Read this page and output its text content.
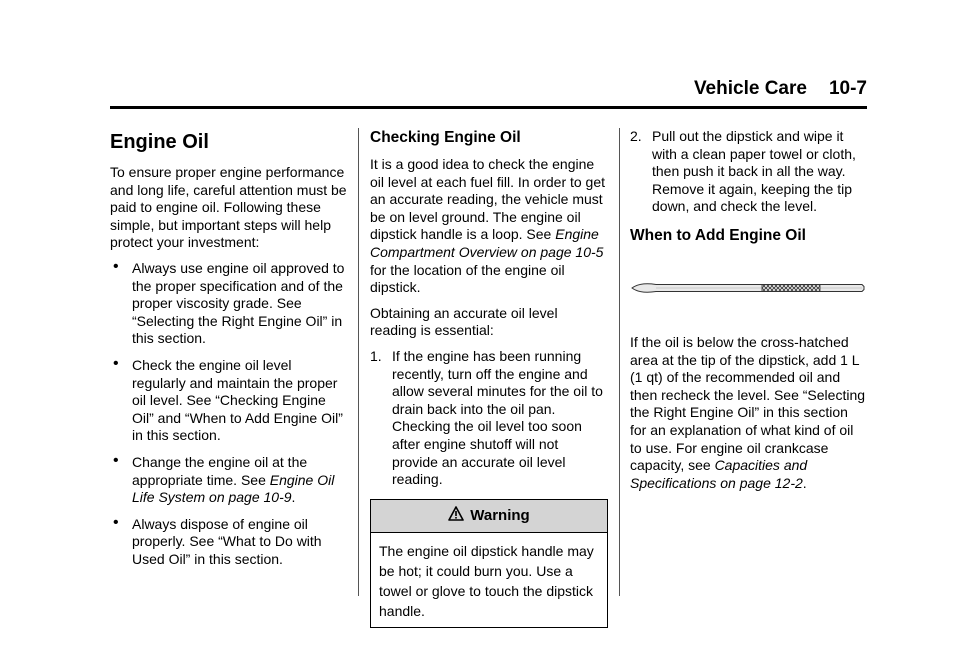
Vehicle Care 10-7
Engine Oil

To ensure proper engine performance and long life, careful attention must be paid to engine oil. Following these simple, but important steps will help protect your investment:

• Always use engine oil approved to the proper specification and of the proper viscosity grade. See “Selecting the Right Engine Oil” in this section.
• Check the engine oil level regularly and maintain the proper oil level. See “Checking Engine Oil” and “When to Add Engine Oil” in this section.
• Change the engine oil at the appropriate time. See Engine Oil Life System on page 10-9.
• Always dispose of engine oil properly. See “What to Do with Used Oil” in this section.
Checking Engine Oil

It is a good idea to check the engine oil level at each fuel fill. In order to get an accurate reading, the vehicle must be on level ground. The engine oil dipstick handle is a loop. See Engine Compartment Overview on page 10-5 for the location of the engine oil dipstick.

Obtaining an accurate oil level reading is essential:

1. If the engine has been running recently, turn off the engine and allow several minutes for the oil to drain back into the oil pan. Checking the oil level too soon after engine shutoff will not provide an accurate oil level reading.
Warning
The engine oil dipstick handle may be hot; it could burn you. Use a towel or glove to touch the dipstick handle.
2. Pull out the dipstick and wipe it with a clean paper towel or cloth, then push it back in all the way. Remove it again, keeping the tip down, and check the level.
When to Add Engine Oil

If the oil is below the cross-hatched area at the tip of the dipstick, add 1 L (1 qt) of the recommended oil and then recheck the level. See “Selecting the Right Engine Oil” in this section for an explanation of what kind of oil to use. For engine oil crankcase capacity, see Capacities and Specifications on page 12-2.
